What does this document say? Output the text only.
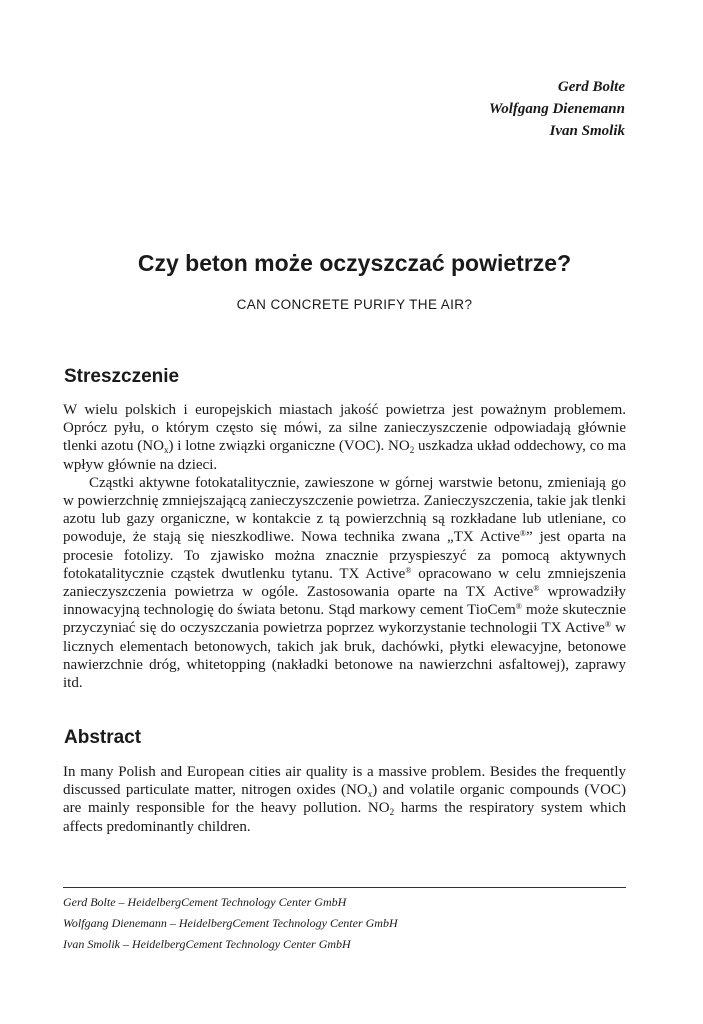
Gerd Bolte
Wolfgang Dienemann
Ivan Smolik
Czy beton może oczyszczać powietrze?
CAN CONCRETE PURIFY THE AIR?
Streszczenie

W wielu polskich i europejskich miastach jakość powietrza jest poważnym problemem. Oprócz pyłu, o którym często się mówi, za silne zanieczyszczenie odpowiadają głównie tlenki azotu $(NO_x)$ i lotne związki organiczne (VOC). $NO_2$ uszkadza układ oddechowy, co ma wpływ głównie na dzieci.

Cząstki aktywne fotokatalitycznie, zawieszone w górnej warstwie betonu, zmieniają go w powierzchnię zmniejszającą zanieczyszczenie powietrza. Zanieczyszczenia, takie jak tlenki azotu lub gazy organiczne, w kontakcie z tą powierzchnią są rozkładane lub utleniane, co powoduje, że stają się nieszkodliwe. Nowa technika zwana „TX Active®” jest oparta na procesie fotolizy. To zjawisko można znacznie przyspieszyć za pomocą aktywnych fotokatalitycznie cząstek dwutlenku tytanu. TX Active® opracowano w celu zmniejszenia zanieczyszczenia powietrza w ogóle. Zastosowania oparte na TX Active® wprowadziły innowacyjną technologię do świata betonu. Stąd markowy cement TioCem® może skutecznie przyczyniać się do oczyszczania powietrza poprzez wykorzystanie technologii TX Active® w licznych elementach betonowych, takich jak bruk, dachówki, płytki elewacyjne, betonowe nawierzchnie dróg, whitetopping (nakładki betonowe na nawierzchni asfaltowej), zaprawy itd.

Abstract

In many Polish and European cities air quality is a massive problem. Besides the frequently discussed particulate matter, nitrogen oxides $(NO_x)$ and volatile organic compounds (VOC) are mainly responsible for the heavy pollution. $NO_2$ harms the respiratory system which affects predominantly children.

Gerd Bolte – HeidelbergCement Technology Center GmbH
Wolfgang Dienemann – HeidelbergCement Technology Center GmbH
Ivan Smolik – HeidelbergCement Technology Center GmbH
